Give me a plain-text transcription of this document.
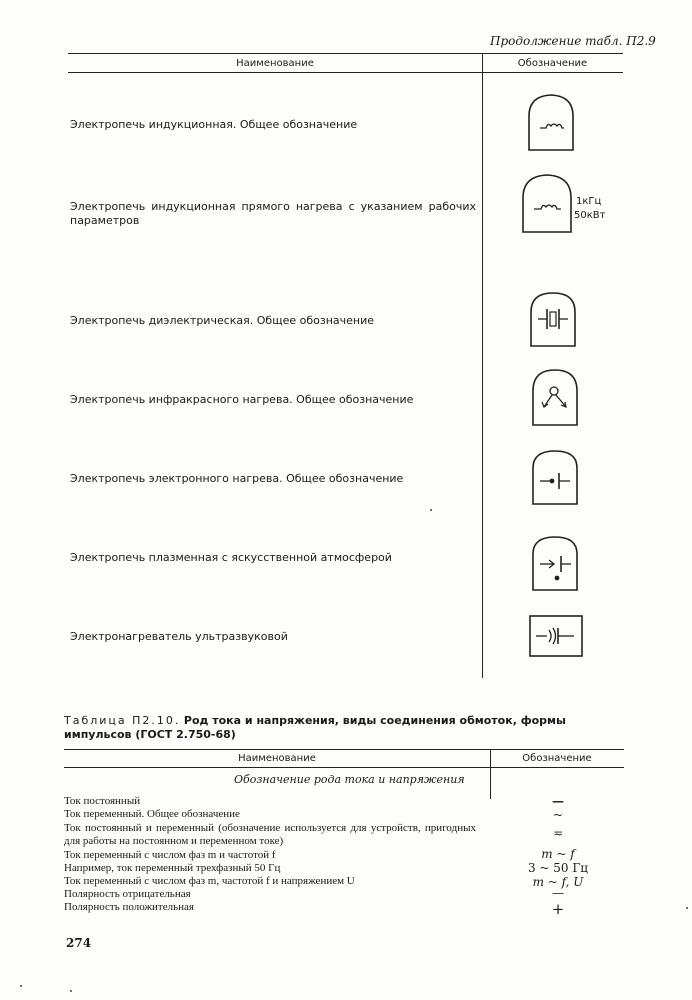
Продолжение табл. П2.9
Наименование	Обозначение
Электропечь индукционная. Общее обозначение
Электропечь индукционная прямого нагрева с указанием рабочих параметров
Электропечь диэлектрическая. Общее обозначение
Электропечь инфракрасного нагрева. Общее обозначение
Электропечь электронного нагрева. Общее обозначение
Электропечь плазменная с яскусственной атмосферой
Электронагреватель ультразвуковой
1кГц
50кВт
Таблица П2.10. Род тока и напряжения, виды соединения обмоток, формы импульсов (ГОСТ 2.750-68)
Наименование	Обозначение
Обозначение рода тока и напряжения
Ток постоянный
Ток переменный. Общее обозначение
Ток постоянный и переменный (обозначение используется для устройств, пригодных для работы на постоянном и переменном токе)
Ток переменный с числом фаз m и частотой f
Например, ток переменный трехфазный 50 Гц
Ток переменный с числом фаз m, частотой f и напряжением U
Полярность отрицательная
Полярность положительная
—
~
≂
m ~ f
3 ~ 50 Гц
m ~ f, U
—
+
274
